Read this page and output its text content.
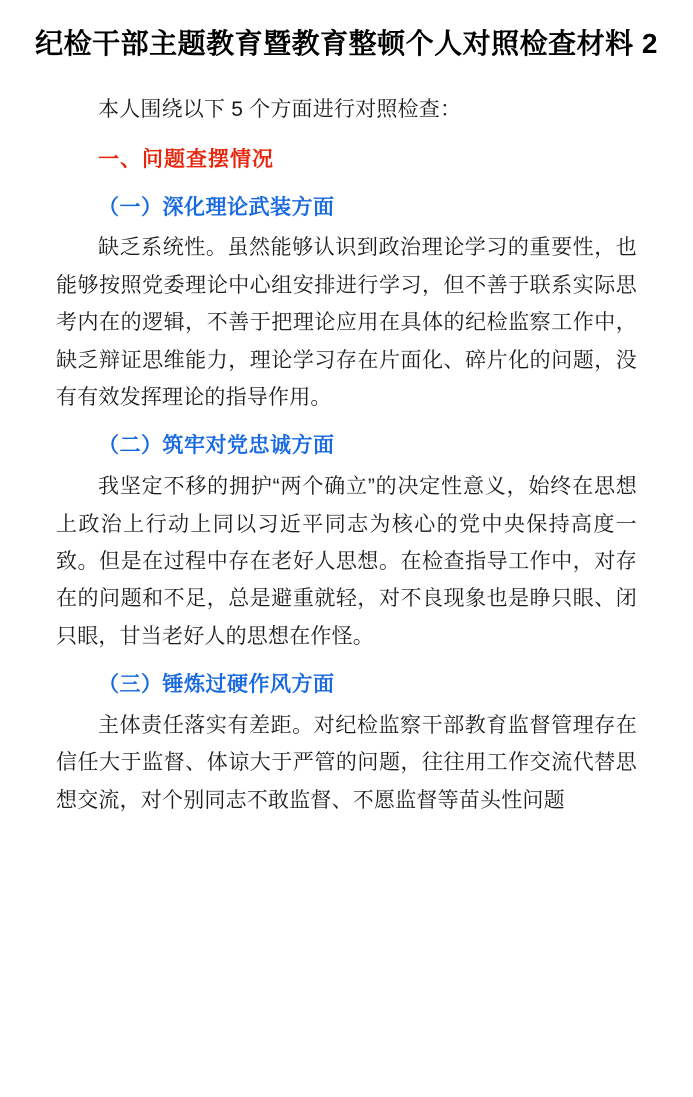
纪检干部主题教育暨教育整顿个人对照检查材料 2

本人围绕以下 5 个方面进行对照检查：

一、问题查摆情况

（一）深化理论武装方面

缺乏系统性。虽然能够认识到政治理论学习的重要性，也能够按照党委理论中心组安排进行学习，但不善于联系实际思考内在的逻辑，不善于把理论应用在具体的纪检监察工作中，缺乏辩证思维能力，理论学习存在片面化、碎片化的问题，没有有效发挥理论的指导作用。

（二）筑牢对党忠诚方面

我坚定不移的拥护“两个确立”的决定性意义，始终在思想上政治上行动上同以习近平同志为核心的党中央保持高度一致。但是在过程中存在老好人思想。在检查指导工作中，对存在的问题和不足，总是避重就轻，对不良现象也是睁只眼、闭只眼，甘当老好人的思想在作怪。

（三）锤炼过硬作风方面

主体责任落实有差距。对纪检监察干部教育监督管理存在信任大于监督、体谅大于严管的问题，往往用工作交流代替思想交流，对个别同志不敢监督、不愿监督等苗头性问题
